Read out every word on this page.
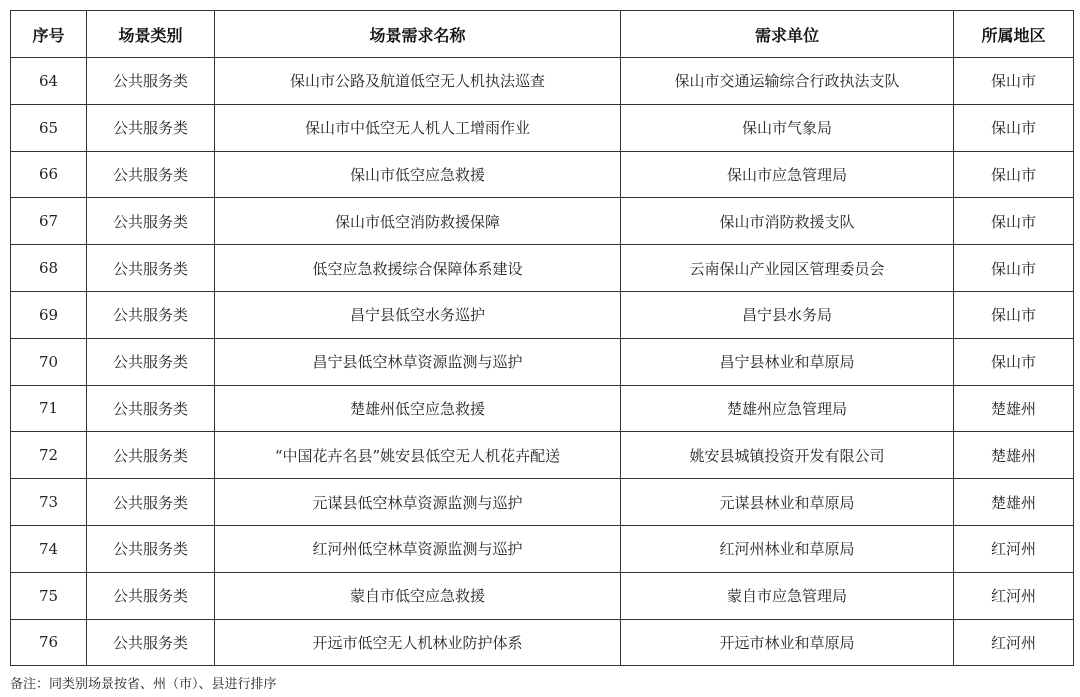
序号	场景类别	场景需求名称	需求单位	所属地区
64	公共服务类	保山市公路及航道低空无人机执法巡查	保山市交通运输综合行政执法支队	保山市
65	公共服务类	保山市中低空无人机人工增雨作业	保山市气象局	保山市
66	公共服务类	保山市低空应急救援	保山市应急管理局	保山市
67	公共服务类	保山市低空消防救援保障	保山市消防救援支队	保山市
68	公共服务类	低空应急救援综合保障体系建设	云南保山产业园区管理委员会	保山市
69	公共服务类	昌宁县低空水务巡护	昌宁县水务局	保山市
70	公共服务类	昌宁县低空林草资源监测与巡护	昌宁县林业和草原局	保山市
71	公共服务类	楚雄州低空应急救援	楚雄州应急管理局	楚雄州
72	公共服务类	“中国花卉名县”姚安县低空无人机花卉配送	姚安县城镇投资开发有限公司	楚雄州
73	公共服务类	元谋县低空林草资源监测与巡护	元谋县林业和草原局	楚雄州
74	公共服务类	红河州低空林草资源监测与巡护	红河州林业和草原局	红河州
75	公共服务类	蒙自市低空应急救援	蒙自市应急管理局	红河州
76	公共服务类	开远市低空无人机林业防护体系	开远市林业和草原局	红河州
备注：同类别场景按省、州（市）、县进行排序
